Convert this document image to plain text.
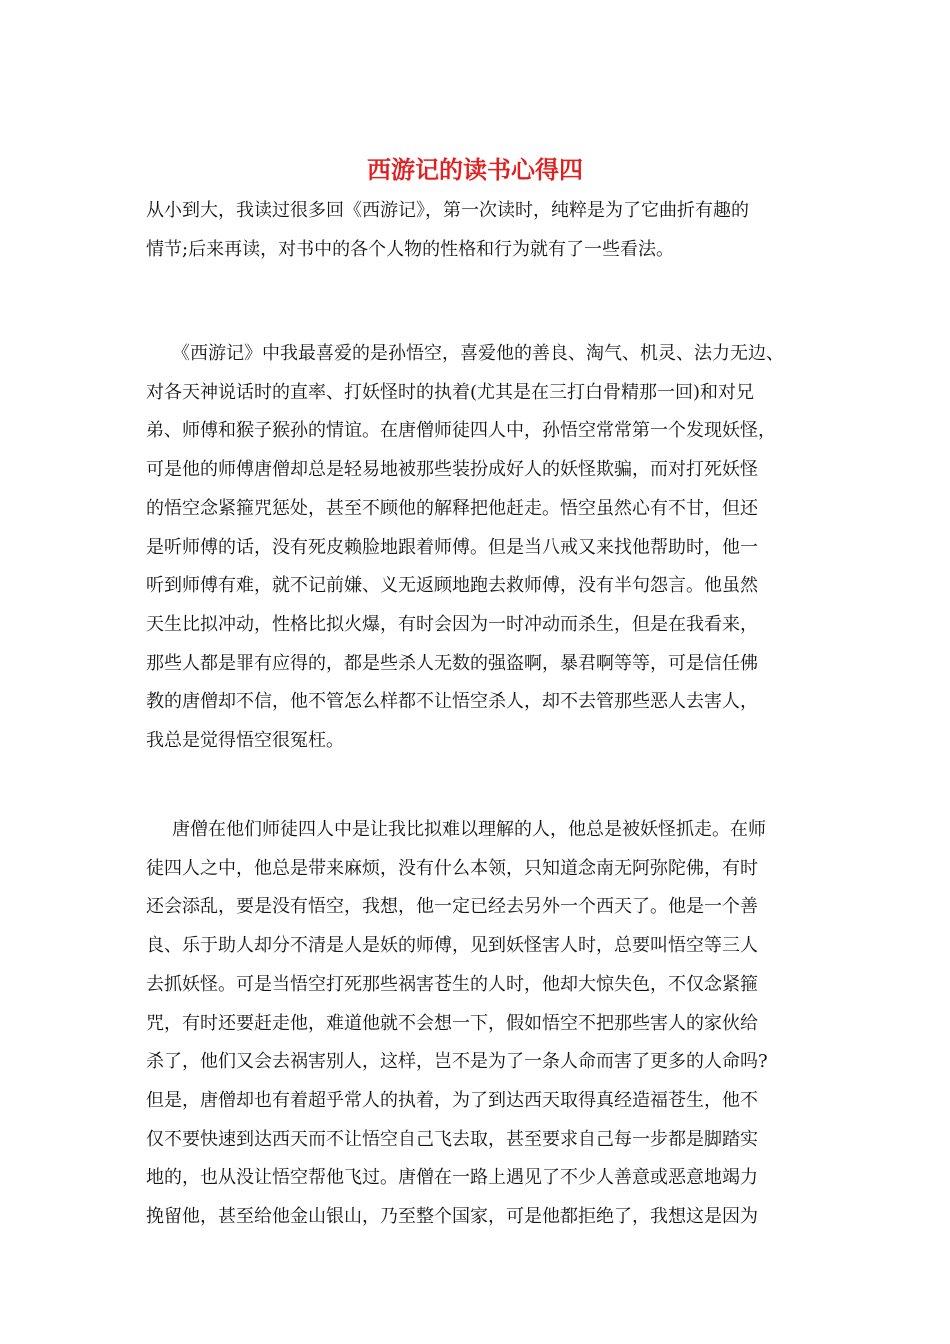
西游记的读书心得四
从小到大，我读过很多回《西游记》，第一次读时，纯粹是为了它曲折有趣的
情节;后来再读，对书中的各个人物的性格和行为就有了一些看法。
《西游记》中我最喜爱的是孙悟空，喜爱他的善良、淘气、机灵、法力无边、
对各天神说话时的直率、打妖怪时的执着(尤其是在三打白骨精那一回)和对兄
弟、师傅和猴子猴孙的情谊。在唐僧师徒四人中，孙悟空常常第一个发现妖怪，
可是他的师傅唐僧却总是轻易地被那些装扮成好人的妖怪欺骗，而对打死妖怪
的悟空念紧箍咒惩处，甚至不顾他的解释把他赶走。悟空虽然心有不甘，但还
是听师傅的话，没有死皮赖脸地跟着师傅。但是当八戒又来找他帮助时，他一
听到师傅有难，就不记前嫌、义无返顾地跑去救师傅，没有半句怨言。他虽然
天生比拟冲动，性格比拟火爆，有时会因为一时冲动而杀生，但是在我看来，
那些人都是罪有应得的，都是些杀人无数的强盗啊，暴君啊等等，可是信任佛
教的唐僧却不信，他不管怎么样都不让悟空杀人，却不去管那些恶人去害人，
我总是觉得悟空很冤枉。
唐僧在他们师徒四人中是让我比拟难以理解的人，他总是被妖怪抓走。在师
徒四人之中，他总是带来麻烦，没有什么本领，只知道念南无阿弥陀佛，有时
还会添乱，要是没有悟空，我想，他一定已经去另外一个西天了。他是一个善
良、乐于助人却分不清是人是妖的师傅，见到妖怪害人时，总要叫悟空等三人
去抓妖怪。可是当悟空打死那些祸害苍生的人时，他却大惊失色，不仅念紧箍
咒，有时还要赶走他，难道他就不会想一下，假如悟空不把那些害人的家伙给
杀了，他们又会去祸害别人，这样，岂不是为了一条人命而害了更多的人命吗?
但是，唐僧却也有着超乎常人的执着，为了到达西天取得真经造福苍生，他不
仅不要快速到达西天而不让悟空自己飞去取，甚至要求自己每一步都是脚踏实
地的，也从没让悟空帮他飞过。唐僧在一路上遇见了不少人善意或恶意地竭力
挽留他，甚至给他金山银山，乃至整个国家，可是他都拒绝了，我想这是因为
